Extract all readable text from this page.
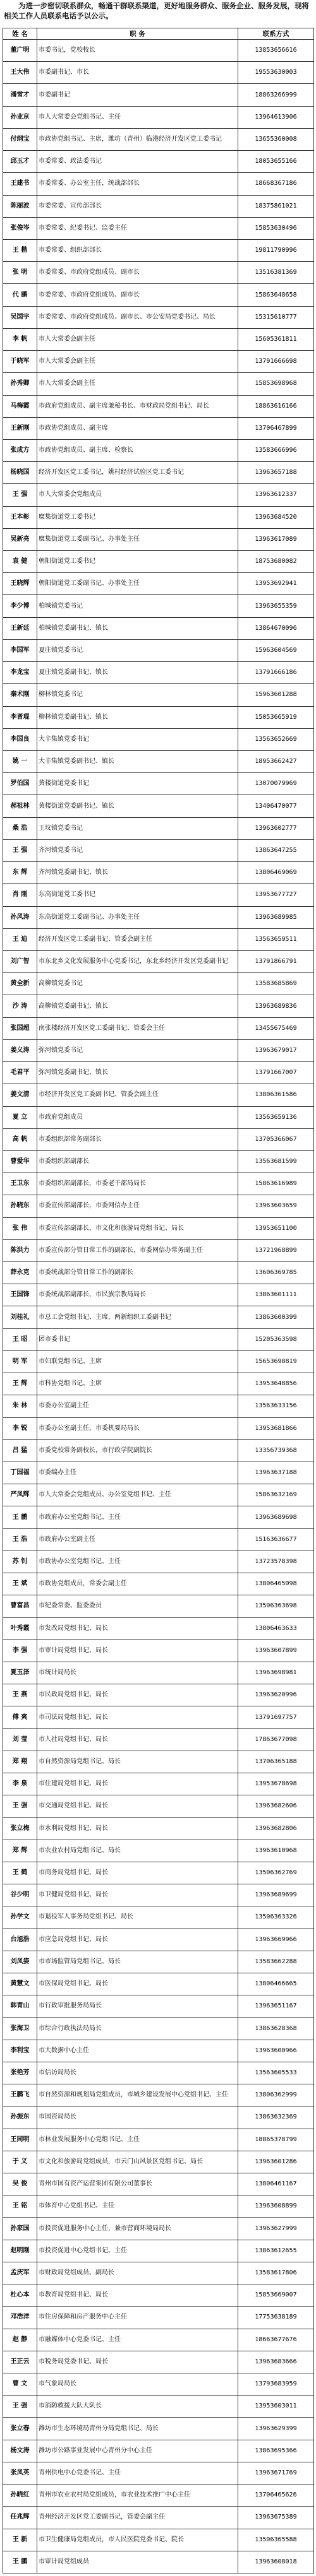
为进一步密切联系群众，畅通干群联系渠道，更好地服务群众、服务企业、服务发展，现将相关工作人员联系电话予以公示。
姓 名	职 务	联系方式
董广明	市委书记，党校校长	13853656616
王大伟	市委副书记、市长	19553630003
潘雪才	市委副书记	18863266999
孙业京	市人大常委会党组书记、主任	13964613906
付纲宝	市政协党组书记、主席，潍坊（青州）临港经济开发区党工委书记	13655360008
邱玉才	市委常委、政法委书记	18053655166
王建书	市委常委、办公室主任，统战部部长	18668367186
陈丽波	市委常委、宣传部部长	18375861021
张俊岑	市委常委、纪委书记、监委主任	15853630496
王 楷	市委常委、组织部部长	19811790996
张 明	市委常委、市政府党组成员、副市长	13516381369
代 鹏	市委常委、市政府党组成员、副市长	15863648658
吴国宇	市委常委、市政府党组成员、副市长、市公安局党委书记、局长	15315610777
李 帆	市人大常委会副主任	15605361811
于晓军	市人大常委会副主任	13791666698
孙秀卿	市人大常委会副主任	15853698968
马梅霞	市政府党组成员、副主席兼秘书长、市财政局党组书记、局长	18863616166
王新刚	市政协党组成员、副主席	13706467899
张成方	市政协党组成员、副主席、检察长	13583666996
杨晓国	经济开发区党工委书记，姚村经济试验区党工委书记	13963657188
王 强	市人大常委会党组成员	13963612337
王本彰	糜集街道党工委书记	13963684520
吴新亮	糜集街道党工委副书记、办事处主任	13963617089
袁 健	朝阳街道党工委书记	18753680082
王晓辉	朝阳街道党工委副书记、办事处主任	13953692941
李少博	柏城镇党委书记	13963655359
王新廷	柏城镇党委副书记、镇长	13864670096
李国军	夏庄镇党委书记	15963604569
李龙宝	夏庄镇党委副书记、镇长	13791666186
秦术刚	柳林镇党委书记	15963601288
李晋琨	柳林镇党委副书记、镇长	15053665919
李国良	大辛集镇党委书记	13563652669
姚 一	大辛集镇党委副书记、镇长	18953662427
罗伯国	黄楼街道党委书记	13070079969
郝祖林	黄楼街道党委副书记、镇长	13406470077
桑 浩	王坟镇党委书记	13963602777
王 强	齐河镇党委书记	13863647255
东 辉	齐河镇党委副书记、镇长	13806469069
肖 刚	东高街道党工委书记	13953677727
孙风涛	东高街道党工委副书记、办事处主任	13963689985
王 迪	经济开发区党工委副书记、管委会副主任	13563659511
刘广智	市东北乡文化发展服务中心党委书记，东北乡经济开发区党委副书记	13791866791
黄全新	高柳镇党委书记	13583685869
沙 涛	高柳镇党委副书记、镇长	13963689836
张国超	南张楼经济开发区党工委副书记、管委会主任	13455675469
姜义涛	弥河镇党委书记	13963679017
毛君平	弥河镇党委副书记、镇长	13791667007
姜文清	市经济开发区党工委副书记、管委会副主任	13806361586
夏 立	市政府党组成员	13563659136
高 帆	市委组织部常务副部长	13705366067
曹爱华	市委组织部副部长	13563681599
王卫东	市委组织部副部长，市委老干部局局长	15863616989
孙晓东	市委宣传部副部长，市委网信办主任	13963603659
张 伟	市委宣传部副部长，市文化和旅游局党组书记、局长	13953651100
陈洪力	市委宣传部分管日常工作的副部长，市委网信办常务副主任	13721968899
薛永克	市委统战部分管日常工作的副部长	13606369785
王国锋	市委统战部副部长，市民族宗教局局长	13863601111
刘桂礼	市总工会党组书记、主席，两新组织工委副书记	13863600399
王 昭	团市委书记	15205363598
明 军	市妇联党组书记、主席	15653698819
王 辉	市科协党组书记、主席	13953648856
朱 林	市委办公室副主任	13563633156
李 锐	市委办公室副主任，市委机要局局长	13953681866
吕 猛	市委党校常务副校长，市行政学院副院长	13356739368
丁国福	市委编办主任	13963637188
严凤辉	市人大常委会党组成员、办公室党组书记、主任	15863632169
王 鹏	市政府办公室党组书记、主任	13963689698
王 浩	市政府办公室副主任	15163636677
苏 钊	市政协办公室党组书记、主任	13723578398
王 斌	市政协党组成员，常委会副主任	13806465098
曹富昌	市纪委常委、监委委员	13506363698
叶秀霞	市发改局党组书记、局长	13806463633
李 强	市审计局党组书记、局长	13963607899
夏玉泽	市统计局局长	13963698981
王 燕	市民政局党组书记、局长	13963620996
傅 爽	市司法局党组书记、局长	13791697757
刘 莹	市人社局党组书记、局长	17863677098
郑 翔	市自然资源局党组书记、局长	13706365188
李 泉	市住建局党组书记、局长	13953678698
王 强	市交通局党组书记、局长	13963682606
张立梅	市水利局党组书记、局长	13963682806
郑 辉	市农业农村局党组书记、局长	13963610968
王 鹤	市商务局党组书记、局长	13506362769
谷少明	市卫健局党组书记、局长	13963689699
孙学文	市退役军人事务局党组书记、局长	13506363326
台旭浩	市应急局党组书记、局长	13963669966
刘凤姿	市市场监管局党组书记、局长	13583662288
黄慧文	市医保局党组书记、局长	13806466665
韩青山	市行政审批服务局局长	13963651167
张海卫	市综合行政执法局局长	13863628368
李利宝	市大数据中心主任	13963600966
张艳芳	市信访局局长	13563605533
王鹏飞	市自然资源和规划局党组成员，市城乡建设发展中心党组书记、主任	13806362999
孙振东	市国资局局长	13863632369
王同明	市林业发展服务中心党组书记、主任	18865378799
于 义	市文化和旅游局党组成员，市云门山风景区党组书记、局长	13963601286
吴 俊	青州市国有资产运营集团有限公司董事长	13806461167
王 铭	市体育中心党组书记、主任	13963608899
孙家国	市投资促进服务中心主任，兼市营商环境局局长	13963627999
赵明刚	市投资促进中心党组书记、主任	13863612655
孟庆军	市财政局党组成员、副局长	13583617806
杜心本	市教育局党组书记、局长	15853669007
邓浩洋	市住房保障和房产服务中心主任	17753638189
赵 静	市融媒体中心党委书记、主任	18663677676
王正云	市税务局党委书记、局长	13963683666
曹 文	市气象局局长	13793683959
王 强	市消防救援大队大队长	13953603011
张立春	潍坊市生态环境局青州分局党组书记、局长	13963629399
杨文涛	潍坊市公路事业发展中心青州分中心主任	13863695366
张凤英	青州供电中心党委书记、主任	13963671769
孙晓红	青州市农业农村局党组成员，市农业技术推广中心主任	13706465626
任兆辉	青州经济开发区党工委副书记，管委会副主任	13963675389
王 新	市卫生健康局党组成员，市人民医院党委书记、院长	13506365588
王 鹏	市审计局党组成员	13963608018
